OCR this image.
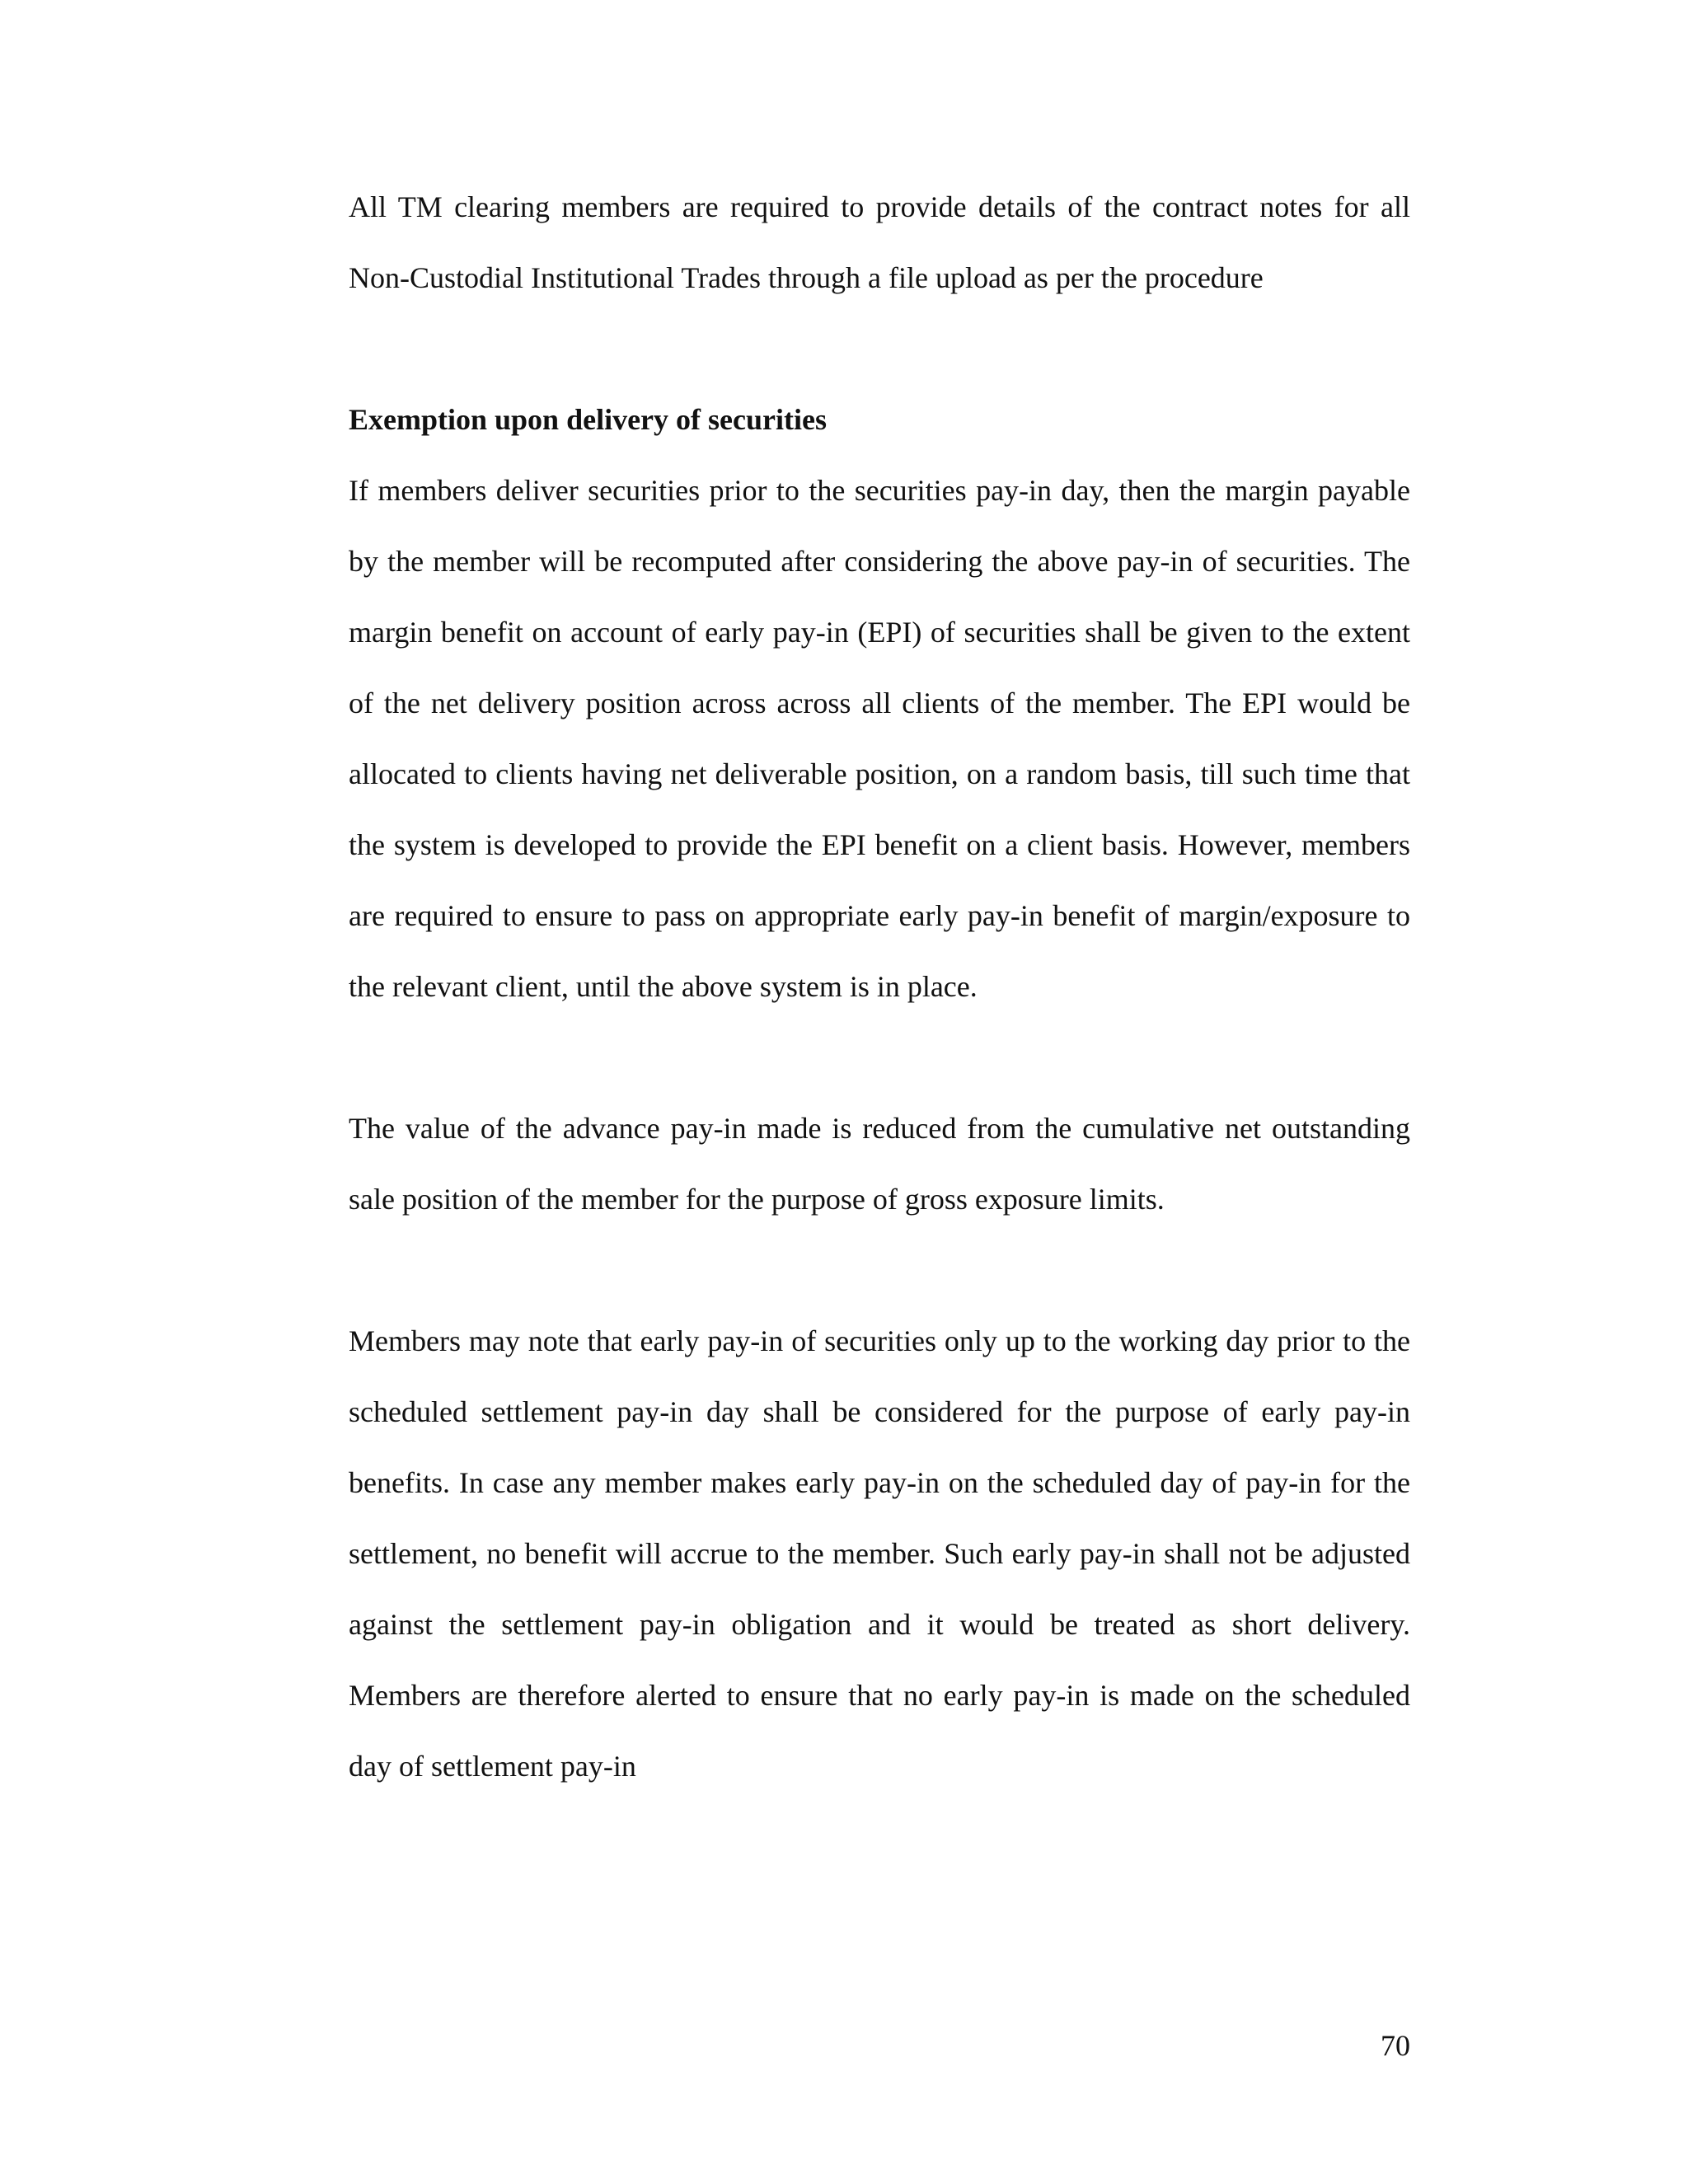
All TM clearing members are required to provide details of the contract notes for all Non-Custodial Institutional Trades through a file upload as per the procedure

Exemption upon delivery of securities

If members deliver securities prior to the securities pay-in day, then the margin payable by the member will be recomputed after considering the above pay-in of securities. The margin benefit on account of early pay-in (EPI) of securities shall be given to the extent of the net delivery position across across all clients of the member. The EPI would be allocated to clients having net deliverable position, on a random basis, till such time that the system is developed to provide the EPI benefit on a client basis. However, members are required to ensure to pass on appropriate early pay-in benefit of margin/exposure to the relevant client, until the above system is in place.

The value of the advance pay-in made is reduced from the cumulative net outstanding sale position of the member for the purpose of gross exposure limits.

Members may note that early pay-in of securities only up to the working day prior to the scheduled settlement pay-in day shall be considered for the purpose of early pay-in benefits. In case any member makes early pay-in on the scheduled day of pay-in for the settlement, no benefit will accrue to the member. Such early pay-in shall not be adjusted against the settlement pay-in obligation and it would be treated as short delivery. Members are therefore alerted to ensure that no early pay-in is made on the scheduled day of settlement pay-in

70
